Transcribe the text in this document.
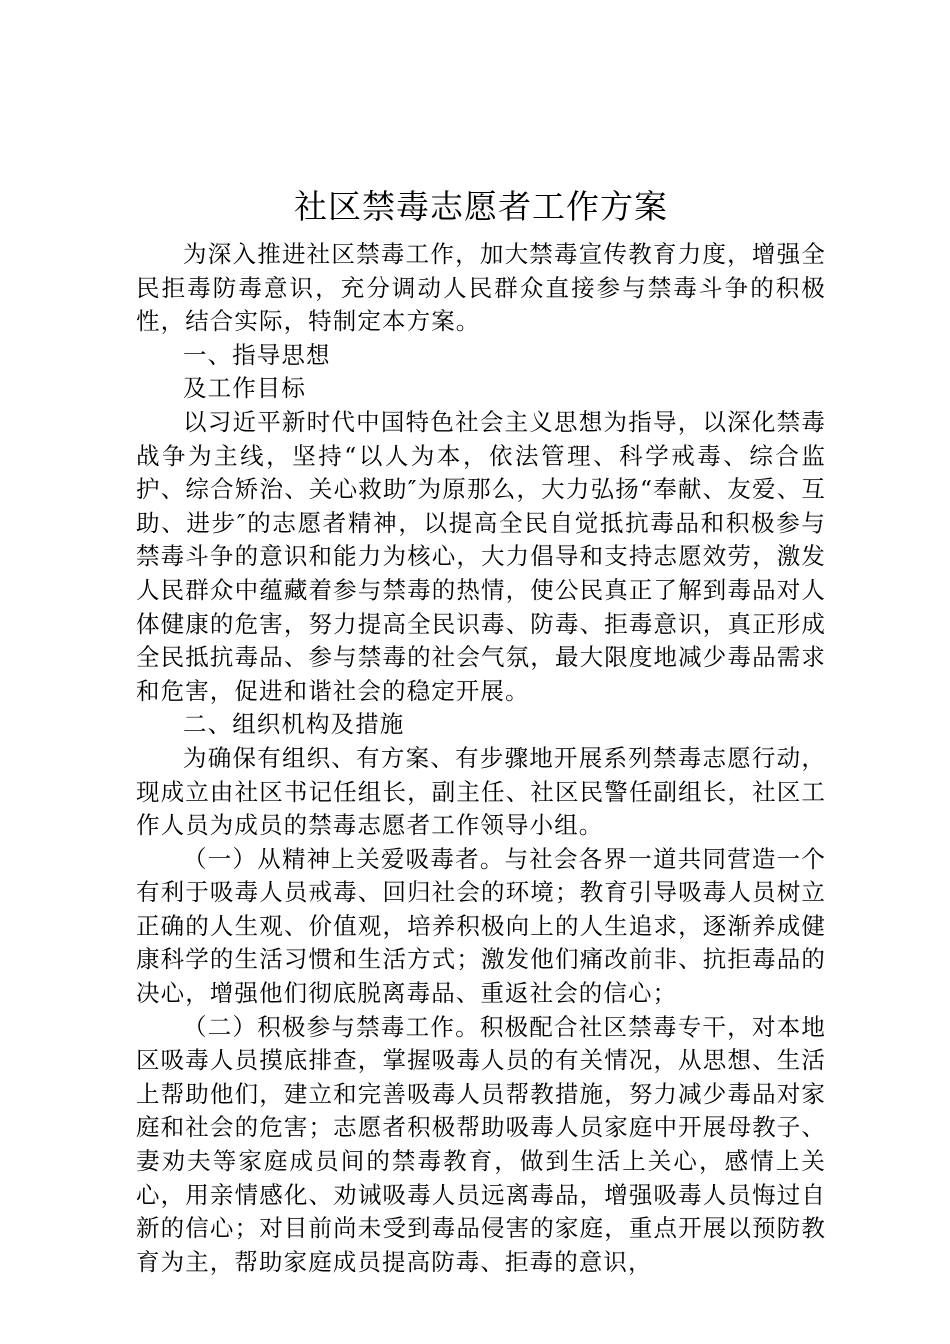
社区禁毒志愿者工作方案

为深入推进社区禁毒工作，加大禁毒宣传教育力度，增强全民拒毒防毒意识，充分调动人民群众直接参与禁毒斗争的积极性，结合实际，特制定本方案。

一、指导思想

及工作目标

以习近平新时代中国特色社会主义思想为指导，以深化禁毒战争为主线，坚持“以人为本，依法管理、科学戒毒、综合监护、综合矫治、关心救助″为原那么，大力弘扬“奉献、友爱、互助、进步″的志愿者精神，以提高全民自觉抵抗毒品和积极参与禁毒斗争的意识和能力为核心，大力倡导和支持志愿效劳，激发人民群众中蕴藏着参与禁毒的热情，使公民真正了解到毒品对人体健康的危害，努力提高全民识毒、防毒、拒毒意识，真正形成全民抵抗毒品、参与禁毒的社会气氛，最大限度地减少毒品需求和危害，促进和谐社会的稳定开展。

二、组织机构及措施

为确保有组织、有方案、有步骤地开展系列禁毒志愿行动，现成立由社区书记任组长，副主任、社区民警任副组长，社区工作人员为成员的禁毒志愿者工作领导小组。

（一）从精神上关爱吸毒者。与社会各界一道共同营造一个有利于吸毒人员戒毒、回归社会的环境；教育引导吸毒人员树立正确的人生观、价值观，培养积极向上的人生追求，逐渐养成健康科学的生活习惯和生活方式；激发他们痛改前非、抗拒毒品的决心，增强他们彻底脱离毒品、重返社会的信心；

（二）积极参与禁毒工作。积极配合社区禁毒专干，对本地区吸毒人员摸底排查，掌握吸毒人员的有关情况，从思想、生活上帮助他们，建立和完善吸毒人员帮教措施，努力减少毒品对家庭和社会的危害；志愿者积极帮助吸毒人员家庭中开展母教子、妻劝夫等家庭成员间的禁毒教育，做到生活上关心，感情上关心，用亲情感化、劝诫吸毒人员远离毒品，增强吸毒人员悔过自新的信心；对目前尚未受到毒品侵害的家庭，重点开展以预防教育为主，帮助家庭成员提高防毒、拒毒的意识，
